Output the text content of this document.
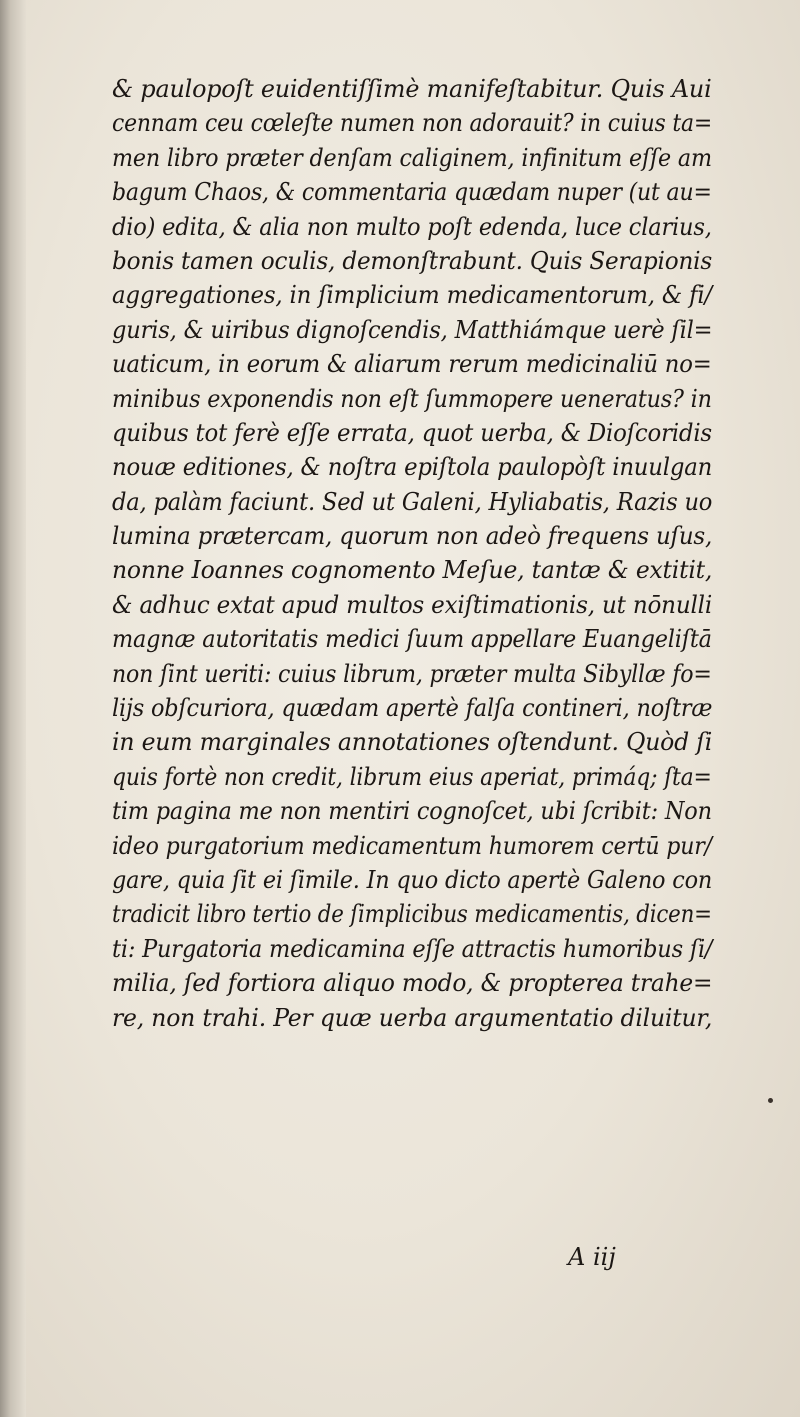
& paulopoſt euidentiſſimè manifeſtabitur. Quis Aui
cennam ceu cœleſte numen non adorauit? in cuius ta=
men libro præter denſam caliginem, infinitum eſſe am
bagum Chaos, & commentaria quædam nuper (ut au=
dio) edita, & alia non multo poſt edenda, luce clarius,
bonis tamen oculis, demonſtrabunt. Quis Serapionis
aggregationes, in ſimplicium medicamentorum, & fi/
guris, & uiribus dignoſcendis, Matthiámque uerè ſil=
uaticum, in eorum & aliarum rerum medicinaliū no=
minibus exponendis non eſt ſummopere ueneratus? in
quibus tot ferè eſſe errata, quot uerba, & Dioſcoridis
nouæ editiones, & noſtra epiſtola paulopòſt inuulgan
da, palàm faciunt. Sed ut Galeni, Hyliabatis, Razis uo
lumina prætercam, quorum non adeò frequens uſus,
nonne Ioannes cognomento Meſue, tantæ & extitit,
& adhuc extat apud multos exiſtimationis, ut nōnulli
magnæ autoritatis medici ſuum appellare Euangeliſtā
non ſint ueriti: cuius librum, præter multa Sibyllæ fo=
lijs obſcuriora, quædam apertè falſa contineri, noſtræ
in eum marginales annotationes oſtendunt. Quòd ſi
quis fortè non credit, librum eius aperiat, primáq; ſta=
tim pagina me non mentiri cognoſcet, ubi ſcribit: Non
ideo purgatorium medicamentum humorem certū pur/
gare, quia ſit ei ſimile. In quo dicto apertè Galeno con
tradicit libro tertio de ſimplicibus medicamentis, dicen=
ti: Purgatoria medicamina eſſe attractis humoribus ſi/
milia, ſed fortiora aliquo modo, & propterea trahe=
re, non trahi. Per quæ uerba argumentatio diluitur,
A iij
